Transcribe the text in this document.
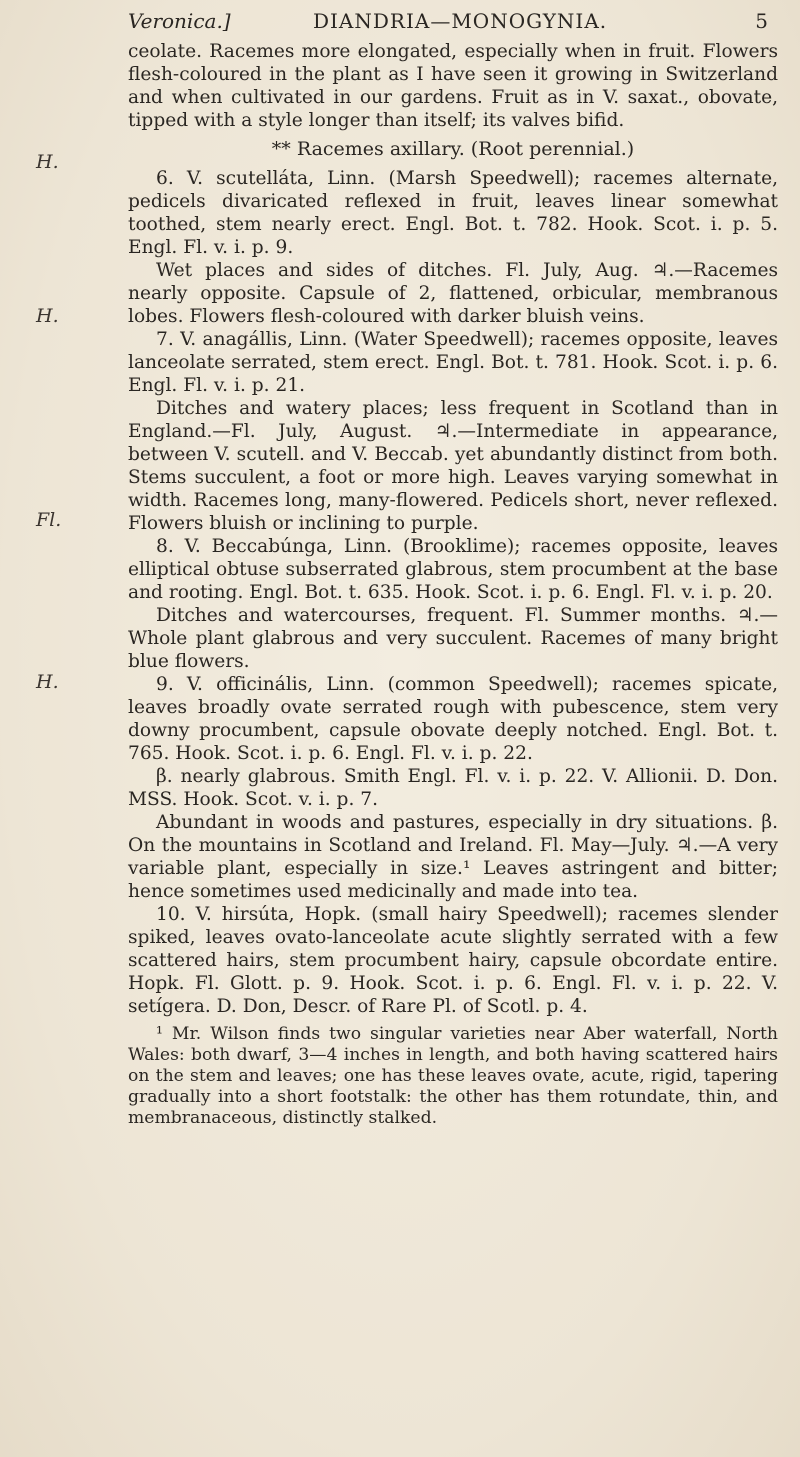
Veronica.]	DIANDRIA—MONOGYNIA.	5
H.
H.
Fl.
H.

ceolate. Racemes more elongated, especially when in fruit. Flowers flesh-coloured in the plant as I have seen it growing in Switzerland and when cultivated in our gardens. Fruit as in V. saxat., obovate, tipped with a style longer than itself; its valves bifid.

** Racemes axillary. (Root perennial.)

6. V. scutelláta, Linn. (Marsh Speedwell); racemes alternate, pedicels divaricated reflexed in fruit, leaves linear somewhat toothed, stem nearly erect. Engl. Bot. t. 782. Hook. Scot. i. p. 5. Engl. Fl. v. i. p. 9.

Wet places and sides of ditches. Fl. July, Aug. ♃.—Racemes nearly opposite. Capsule of 2, flattened, orbicular, membranous lobes. Flowers flesh-coloured with darker bluish veins.

7. V. anagállis, Linn. (Water Speedwell); racemes opposite, leaves lanceolate serrated, stem erect. Engl. Bot. t. 781. Hook. Scot. i. p. 6. Engl. Fl. v. i. p. 21.

Ditches and watery places; less frequent in Scotland than in England.—Fl. July, August. ♃.—Intermediate in appearance, between V. scutell. and V. Beccab. yet abundantly distinct from both. Stems succulent, a foot or more high. Leaves varying somewhat in width. Racemes long, many-flowered. Pedicels short, never reflexed. Flowers bluish or inclining to purple.

8. V. Beccabúnga, Linn. (Brooklime); racemes opposite, leaves elliptical obtuse subserrated glabrous, stem procumbent at the base and rooting. Engl. Bot. t. 635. Hook. Scot. i. p. 6. Engl. Fl. v. i. p. 20.

Ditches and watercourses, frequent. Fl. Summer months. ♃.—Whole plant glabrous and very succulent. Racemes of many bright blue flowers.

9. V. officinális, Linn. (common Speedwell); racemes spicate, leaves broadly ovate serrated rough with pubescence, stem very downy procumbent, capsule obovate deeply notched. Engl. Bot. t. 765. Hook. Scot. i. p. 6. Engl. Fl. v. i. p. 22.

β. nearly glabrous. Smith Engl. Fl. v. i. p. 22. V. Allionii. D. Don. MSS. Hook. Scot. v. i. p. 7.

Abundant in woods and pastures, especially in dry situations. β. On the mountains in Scotland and Ireland. Fl. May—July. ♃.—A very variable plant, especially in size.¹ Leaves astringent and bitter; hence sometimes used medicinally and made into tea.

10. V. hirsúta, Hopk. (small hairy Speedwell); racemes slender spiked, leaves ovato-lanceolate acute slightly serrated with a few scattered hairs, stem procumbent hairy, capsule obcordate entire. Hopk. Fl. Glott. p. 9. Hook. Scot. i. p. 6. Engl. Fl. v. i. p. 22. V. setígera. D. Don, Descr. of Rare Pl. of Scotl. p. 4.

¹ Mr. Wilson finds two singular varieties near Aber waterfall, North Wales: both dwarf, 3—4 inches in length, and both having scattered hairs on the stem and leaves; one has these leaves ovate, acute, rigid, tapering gradually into a short footstalk: the other has them rotundate, thin, and membranaceous, distinctly stalked.
